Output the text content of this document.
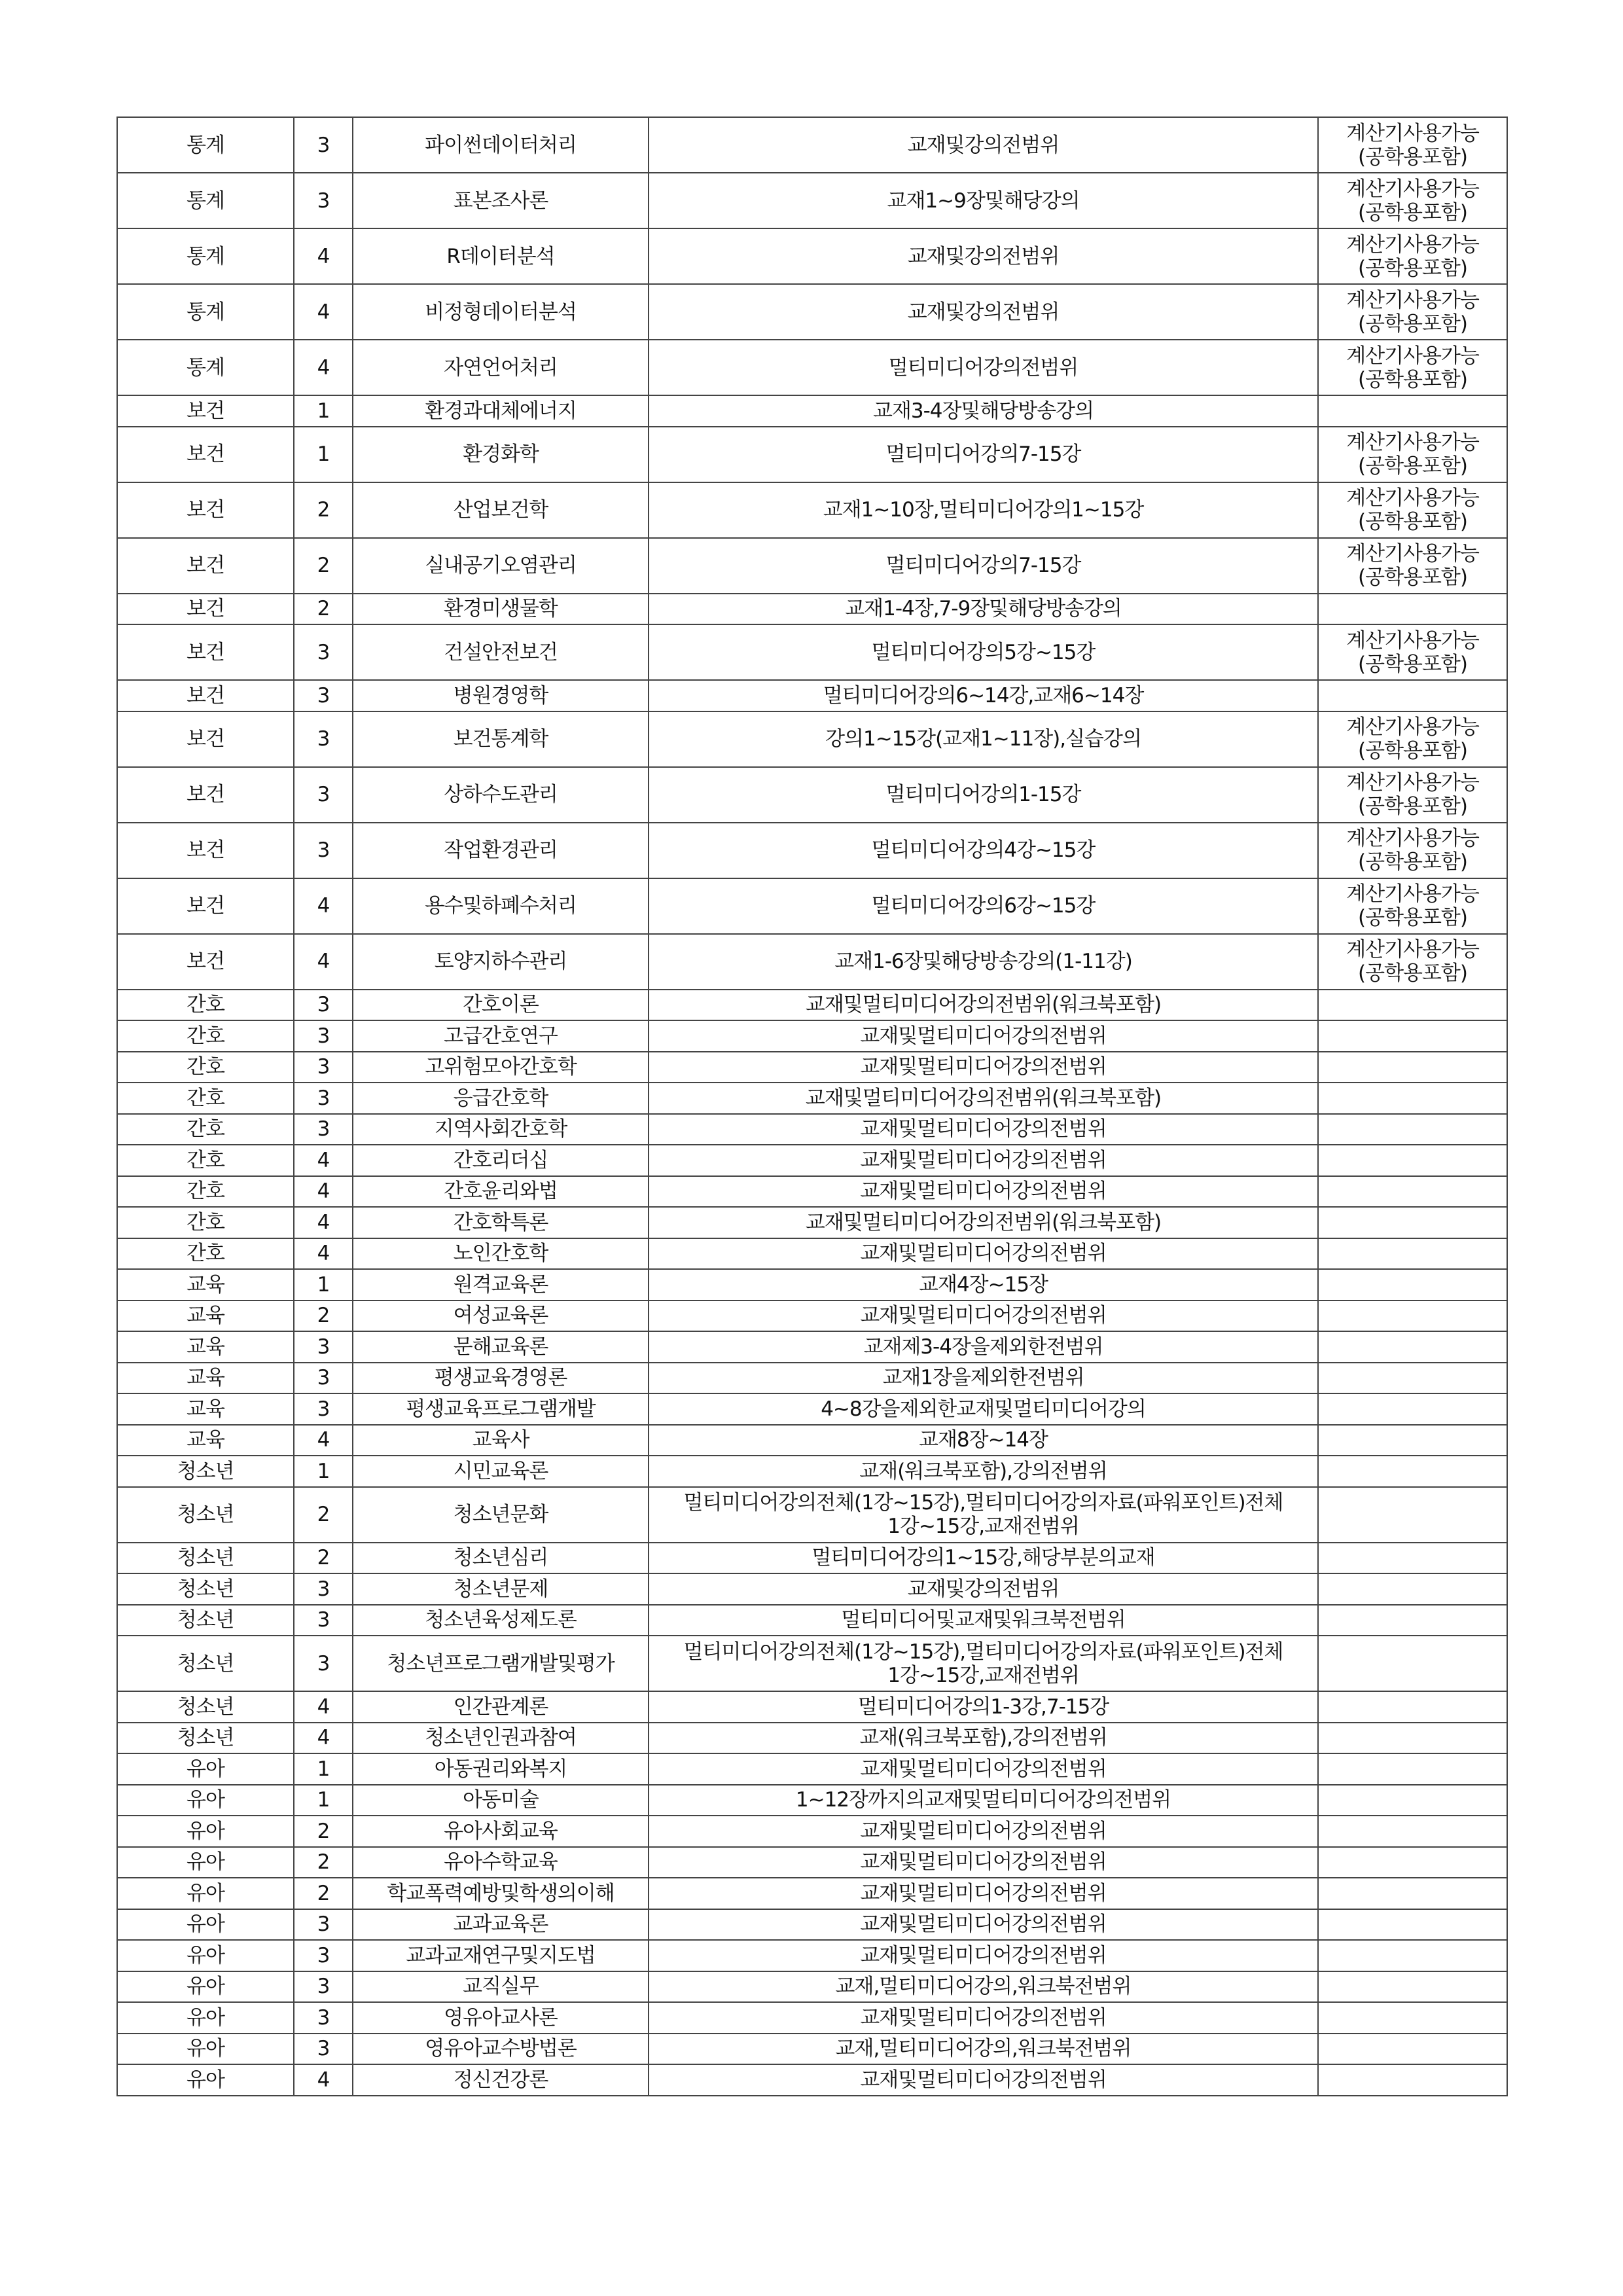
통계	3	파이썬데이터처리	교재및강의전범위	계산기사용가능
(공학용포함)

통계	3	표본조사론	교재1~9장및해당강의	계산기사용가능
(공학용포함)

통계	4	R데이터분석	교재및강의전범위	계산기사용가능
(공학용포함)

통계	4	비정형데이터분석	교재및강의전범위	계산기사용가능
(공학용포함)

통계	4	자연언어처리	멀티미디어강의전범위	계산기사용가능
(공학용포함)

보건	1	환경과대체에너지	교재3-4장및해당방송강의	

보건	1	환경화학	멀티미디어강의7-15강	계산기사용가능
(공학용포함)

보건	2	산업보건학	교재1~10장,멀티미디어강의1~15강	계산기사용가능
(공학용포함)

보건	2	실내공기오염관리	멀티미디어강의7-15강	계산기사용가능
(공학용포함)

보건	2	환경미생물학	교재1-4장,7-9장및해당방송강의	

보건	3	건설안전보건	멀티미디어강의5강~15강	계산기사용가능
(공학용포함)

보건	3	병원경영학	멀티미디어강의6~14강,교재6~14장	

보건	3	보건통계학	강의1~15강(교재1~11장),실습강의	계산기사용가능
(공학용포함)

보건	3	상하수도관리	멀티미디어강의1-15강	계산기사용가능
(공학용포함)

보건	3	작업환경관리	멀티미디어강의4강~15강	계산기사용가능
(공학용포함)

보건	4	용수및하폐수처리	멀티미디어강의6강~15강	계산기사용가능
(공학용포함)

보건	4	토양지하수관리	교재1-6장및해당방송강의(1-11강)	계산기사용가능
(공학용포함)

간호	3	간호이론	교재및멀티미디어강의전범위(워크북포함)	

간호	3	고급간호연구	교재및멀티미디어강의전범위	

간호	3	고위험모아간호학	교재및멀티미디어강의전범위	

간호	3	응급간호학	교재및멀티미디어강의전범위(워크북포함)	

간호	3	지역사회간호학	교재및멀티미디어강의전범위	

간호	4	간호리더십	교재및멀티미디어강의전범위	

간호	4	간호윤리와법	교재및멀티미디어강의전범위	

간호	4	간호학특론	교재및멀티미디어강의전범위(워크북포함)	

간호	4	노인간호학	교재및멀티미디어강의전범위	

교육	1	원격교육론	교재4장~15장	

교육	2	여성교육론	교재및멀티미디어강의전범위	

교육	3	문해교육론	교재제3-4장을제외한전범위	

교육	3	평생교육경영론	교재1장을제외한전범위	

교육	3	평생교육프로그램개발	4~8강을제외한교재및멀티미디어강의	

교육	4	교육사	교재8장~14장	

청소년	1	시민교육론	교재(워크북포함),강의전범위	

청소년	2	청소년문화	멀티미디어강의전체(1강~15강),멀티미디어강의자료(파워포인트)전체
1강~15강,교재전범위	

청소년	2	청소년심리	멀티미디어강의1~15강,해당부분의교재	

청소년	3	청소년문제	교재및강의전범위	

청소년	3	청소년육성제도론	멀티미디어및교재및워크북전범위	

청소년	3	청소년프로그램개발및평가	멀티미디어강의전체(1강~15강),멀티미디어강의자료(파워포인트)전체
1강~15강,교재전범위	

청소년	4	인간관계론	멀티미디어강의1-3강,7-15강	

청소년	4	청소년인권과참여	교재(워크북포함),강의전범위	

유아	1	아동권리와복지	교재및멀티미디어강의전범위	

유아	1	아동미술	1~12장까지의교재및멀티미디어강의전범위	

유아	2	유아사회교육	교재및멀티미디어강의전범위	

유아	2	유아수학교육	교재및멀티미디어강의전범위	

유아	2	학교폭력예방및학생의이해	교재및멀티미디어강의전범위	

유아	3	교과교육론	교재및멀티미디어강의전범위	

유아	3	교과교재연구및지도법	교재및멀티미디어강의전범위	

유아	3	교직실무	교재,멀티미디어강의,워크북전범위	

유아	3	영유아교사론	교재및멀티미디어강의전범위	

유아	3	영유아교수방법론	교재,멀티미디어강의,워크북전범위	

유아	4	정신건강론	교재및멀티미디어강의전범위	
